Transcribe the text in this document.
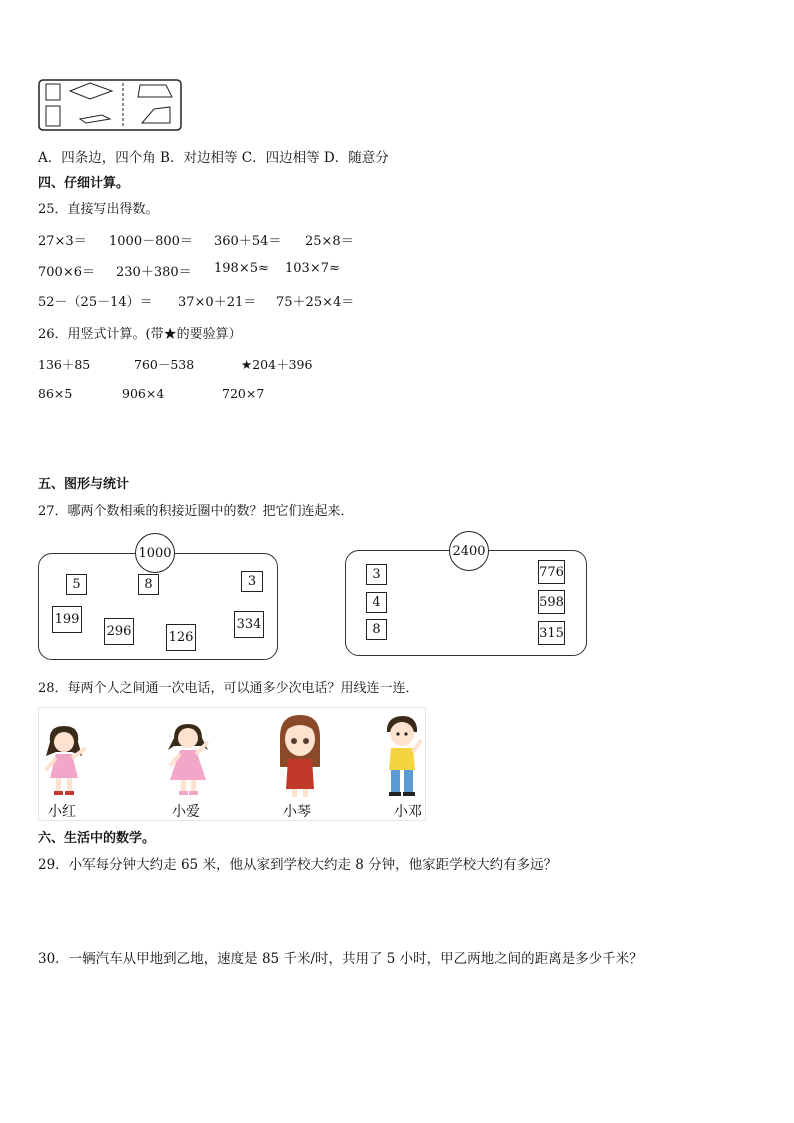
A．四条边，四个角 B．对边相等 C．四边相等 D．随意分
四、仔细计算。
25．直接写出得数。
27×3＝ 1000－800＝ 360＋54＝ 25×8＝
700×6＝ 230＋380＝ 198×5≈ 103×7≈
52－（25－14）＝ 37×0＋21＝ 75＋25×4＝
26．用竖式计算。(带★的要验算）
136＋85	760－538	★204＋396
86×5	906×4	720×7
五、图形与统计
27．哪两个数相乘的积接近圈中的数？把它们连起来．
1000
5	8	3
199
296	126
334
2400
3
4
8
776
598
315
28．每两个人之间通一次电话，可以通多少次电话？用线连一连．
小红	小爱	小琴	小邓
六、生活中的数学。
29．小军每分钟大约走 65 米，他从家到学校大约走 8 分钟，他家距学校大约有多远？
30．一辆汽车从甲地到乙地，速度是 85 千米/时，共用了 5 小时，甲乙两地之间的距离是多少千米？
